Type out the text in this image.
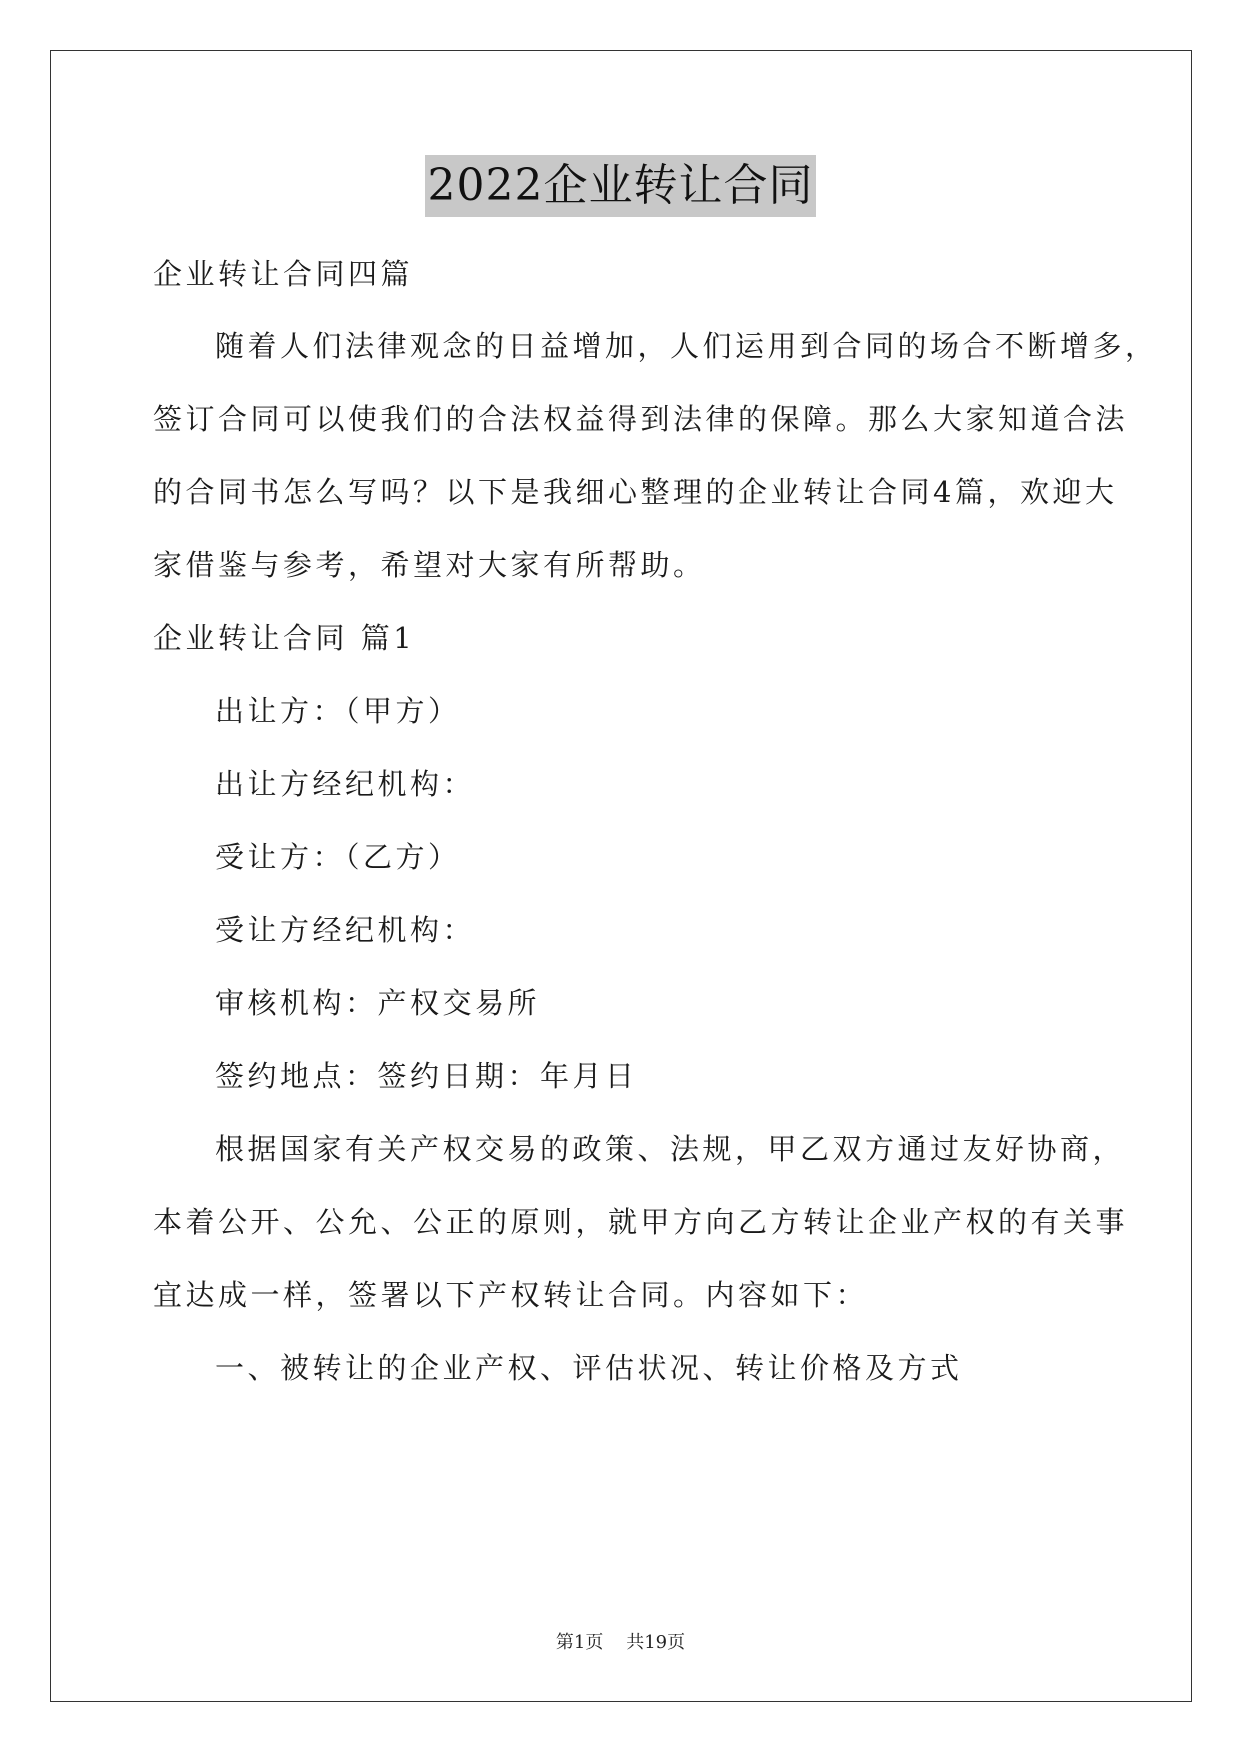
2022企业转让合同
企业转让合同四篇
随着人们法律观念的日益增加，人们运用到合同的场合不断增多，
签订合同可以使我们的合法权益得到法律的保障。那么大家知道合法
的合同书怎么写吗？以下是我细心整理的企业转让合同4篇，欢迎大
家借鉴与参考，希望对大家有所帮助。
企业转让合同 篇1
出让方：（甲方）
出让方经纪机构：
受让方：（乙方）
受让方经纪机构：
审核机构：产权交易所
签约地点：签约日期：年月日
根据国家有关产权交易的政策、法规，甲乙双方通过友好协商，
本着公开、公允、公正的原则，就甲方向乙方转让企业产权的有关事
宜达成一样，签署以下产权转让合同。内容如下：
一、被转让的企业产权、评估状况、转让价格及方式
第1页 共19页
